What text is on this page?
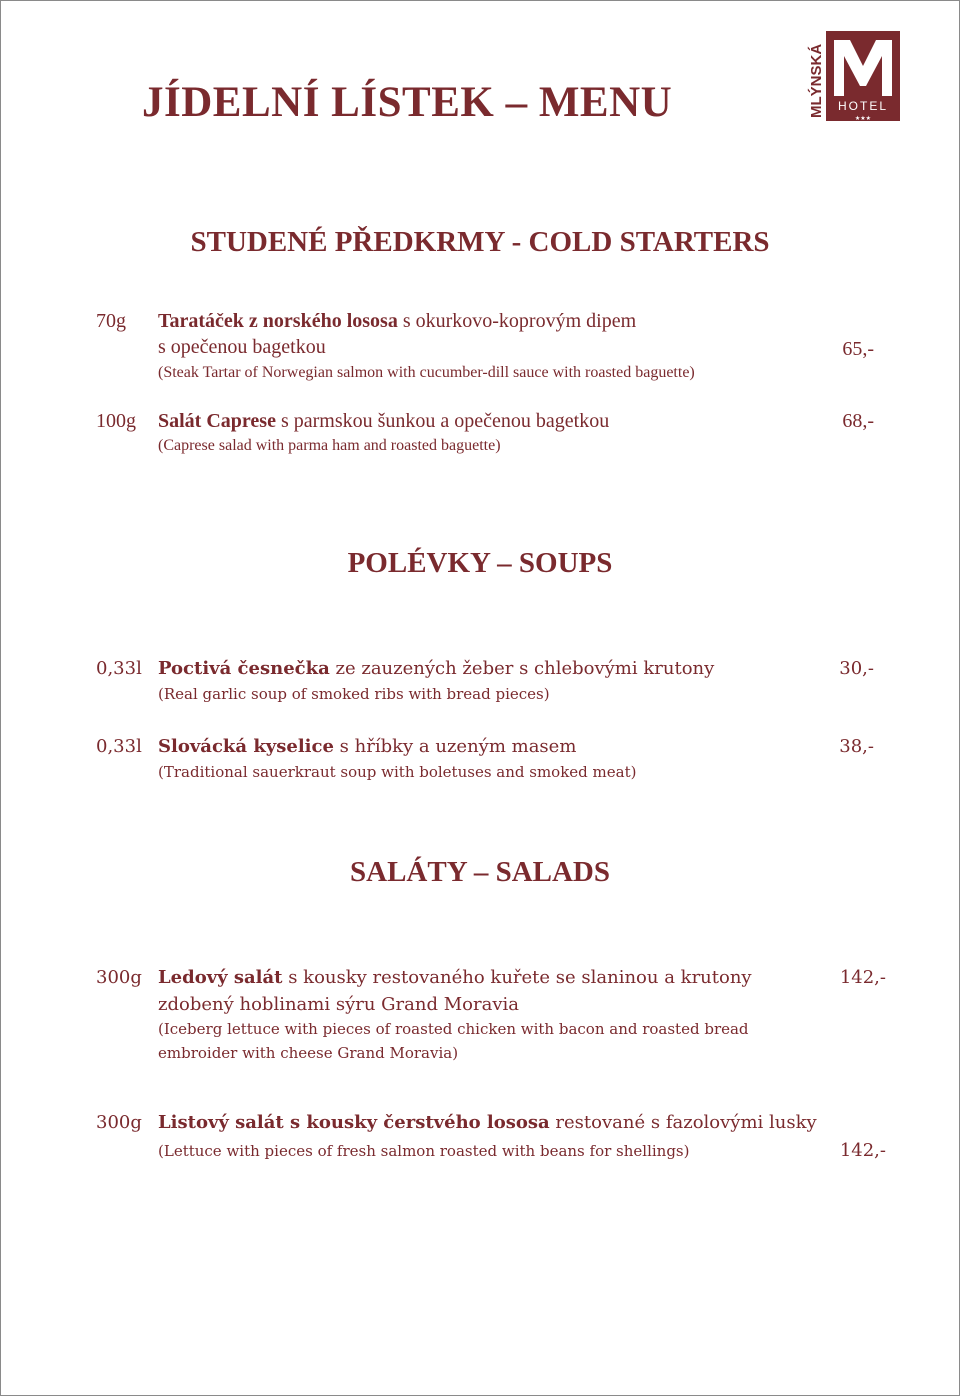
JÍDELNÍ LÍSTEK – MENU	MLÝNSKÁ HOTEL
★★★
STUDENÉ PŘEDKRMY - COLD STARTERS
70g Taratáček z norského lososa s okurkovo-koprovým dipem
s opečenou bagetkou	65,-
(Steak Tartar of Norwegian salmon with cucumber-dill sauce with roasted baguette)
100g Salát Caprese s parmskou šunkou a opečenou bagetkou	68,-
(Caprese salad with parma ham and roasted baguette)
POLÉVKY – SOUPS
0,33l Poctivá česnečka ze zauzených žeber s chlebovými krutony	30,-
(Real garlic soup of smoked ribs with bread pieces)
0,33l Slovácká kyselice s hříbky a uzeným masem	38,-
(Traditional sauerkraut soup with boletuses and smoked meat)
SALÁTY – SALADS
300g Ledový salát s kousky restovaného kuřete se slaninou a krutony	142,-
zdobený hoblinami sýru Grand Moravia
(Iceberg lettuce with pieces of roasted chicken with bacon and roasted bread
embroider with cheese Grand Moravia)
300g Listový salát s kousky čerstvého lososa restované s fazolovými lusky
(Lettuce with pieces of fresh salmon roasted with beans for shellings)	142,-
